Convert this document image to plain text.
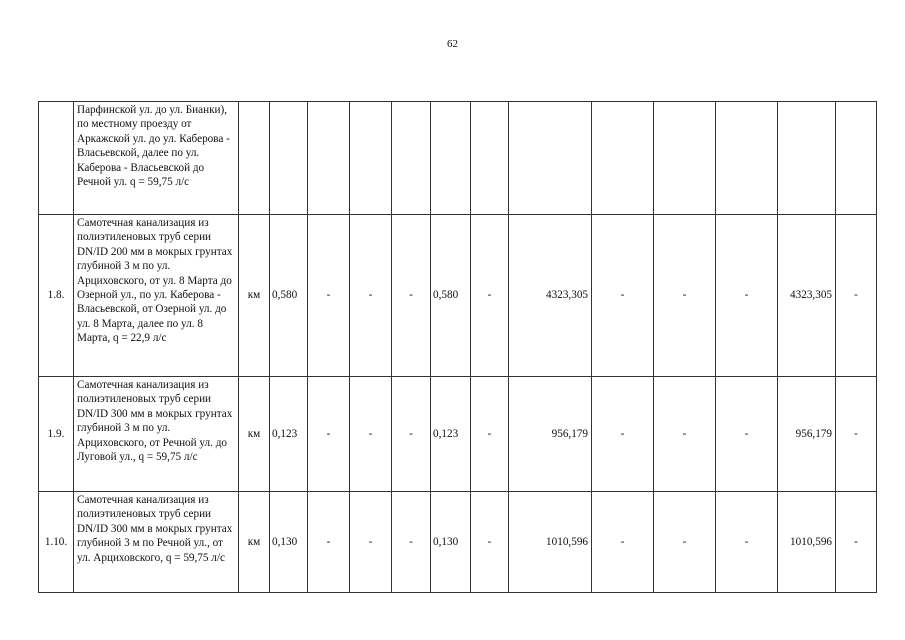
62
	Парфинской ул. до ул. Бианки), по местному проезду от Аркажской ул. до ул. Каберова - Власьевской, далее по ул. Каберова - Власьевской до Речной ул. q = 59,75 л/с													
1.8.	Самотечная канализация из полиэтиленовых труб серии DN/ID 200 мм в мокрых грунтах глубиной 3 м по ул. Арциховского, от ул. 8 Марта до Озерной ул., по ул. Каберова - Власьевской, от Озерной ул. до ул. 8 Марта, далее по ул. 8 Марта, q = 22,9 л/с	км	0,580	-	-	-	0,580	-	4323,305	-	-	-	4323,305	-
1.9.	Самотечная канализация из полиэтиленовых труб серии DN/ID 300 мм в мокрых грунтах глубиной 3 м по ул. Арциховского, от Речной ул. до Луговой ул., q = 59,75 л/с	км	0,123	-	-	-	0,123	-	956,179	-	-	-	956,179	-
1.10.	Самотечная канализация из полиэтиленовых труб серии DN/ID 300 мм в мокрых грунтах глубиной 3 м по Речной ул., от ул. Арциховского, q = 59,75 л/с	км	0,130	-	-	-	0,130	-	1010,596	-	-	-	1010,596	-
